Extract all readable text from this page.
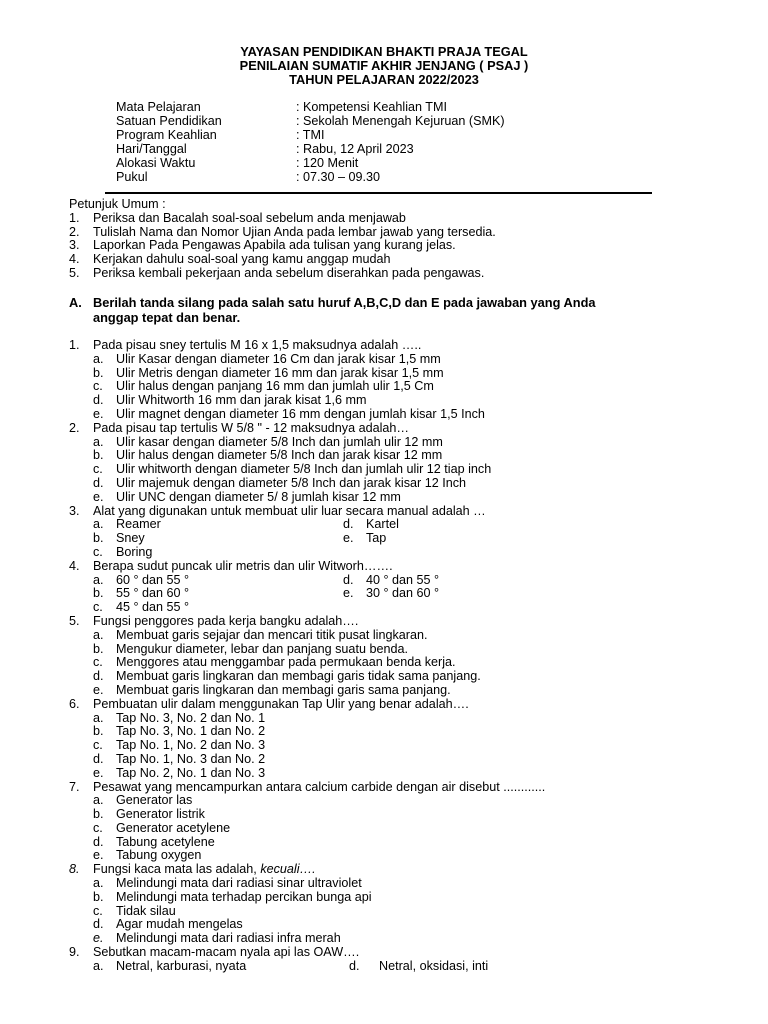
YAYASAN PENDIDIKAN BHAKTI PRAJA TEGAL
PENILAIAN SUMATIF AKHIR JENJANG ( PSAJ )
TAHUN PELAJARAN 2022/2023
Mata Pelajaran	: Kompetensi Keahlian TMI
Satuan Pendidikan	: Sekolah Menengah Kejuruan (SMK)
Program Keahlian	: TMI
Hari/Tanggal	: Rabu, 12 April 2023
Alokasi Waktu	: 120 Menit
Pukul	: 07.30 – 09.30
Petunjuk Umum :
1.	Periksa dan Bacalah soal-soal sebelum anda menjawab
2.	Tulislah Nama dan Nomor Ujian Anda pada lembar jawab yang tersedia.
3.	Laporkan Pada Pengawas Apabila ada tulisan yang kurang jelas.
4.	Kerjakan dahulu soal-soal yang kamu anggap mudah
5.	Periksa kembali pekerjaan anda sebelum diserahkan pada pengawas.
A. Berilah tanda silang pada salah satu huruf A,B,C,D dan E pada jawaban yang Anda
anggap tepat dan benar.
1.	Pada pisau sney tertulis M 16 x 1,5 maksudnya adalah …..
a. Ulir Kasar dengan diameter 16 Cm dan jarak kisar 1,5 mm
b. Ulir Metris dengan diameter 16 mm dan jarak kisar 1,5 mm
c.	Ulir halus dengan panjang 16 mm dan jumlah ulir 1,5 Cm
d. Ulir Whitworth 16 mm dan jarak kisat 1,6 mm
e. Ulir magnet dengan diameter 16 mm dengan jumlah kisar 1,5 Inch
2.	Pada pisau tap tertulis W 5/8 " - 12 maksudnya adalah…
a. Ulir kasar dengan diameter 5/8 Inch dan jumlah ulir 12 mm
b. Ulir halus dengan diameter 5/8 Inch dan jarak kisar 12 mm
c.	Ulir whitworth dengan diameter 5/8 Inch dan jumlah ulir 12 tiap inch
d. Ulir majemuk dengan diameter 5/8 Inch dan jarak kisar 12 Inch
e. Ulir UNC dengan diameter 5/ 8 jumlah kisar 12 mm
3.	Alat yang digunakan untuk membuat ulir luar secara manual adalah …
a. Reamer	d. Kartel
b. Sney	e. Tap
c.	Boring
4.	Berapa sudut puncak ulir metris dan ulir Witworh…….
a. 60 ° dan 55 °	d. 40 ° dan 55 °
b. 55 ° dan 60 °	e. 30 ° dan 60 °
c.	45 ° dan 55 °
5.	Fungsi penggores pada kerja bangku adalah….
a. Membuat garis sejajar dan mencari titik pusat lingkaran.
b. Mengukur diameter, lebar dan panjang suatu benda.
c.	Menggores atau menggambar pada permukaan benda kerja.
d. Membuat garis lingkaran dan membagi garis tidak sama panjang.
e. Membuat garis lingkaran dan membagi garis sama panjang.
6.	Pembuatan ulir dalam menggunakan Tap Ulir yang benar adalah….
a. Tap No. 3, No. 2 dan No. 1
b. Tap No. 3, No. 1 dan No. 2
c.	Tap No. 1, No. 2 dan No. 3
d. Tap No. 1, No. 3 dan No. 2
e. Tap No. 2, No. 1 dan No. 3
7.	Pesawat yang mencampurkan antara calcium carbide dengan air disebut ............
a. Generator las
b. Generator listrik
c.	Generator acetylene
d. Tabung acetylene
e. Tabung oxygen
8.	Fungsi kaca mata las adalah, kecuali….
a. Melindungi mata dari radiasi sinar ultraviolet
b. Melindungi mata terhadap percikan bunga api
c.	Tidak silau
d. Agar mudah mengelas
e. Melindungi mata dari radiasi infra merah
9.	Sebutkan macam-macam nyala api las OAW….
a. Netral, karburasi, nyata	d.	Netral, oksidasi, inti
